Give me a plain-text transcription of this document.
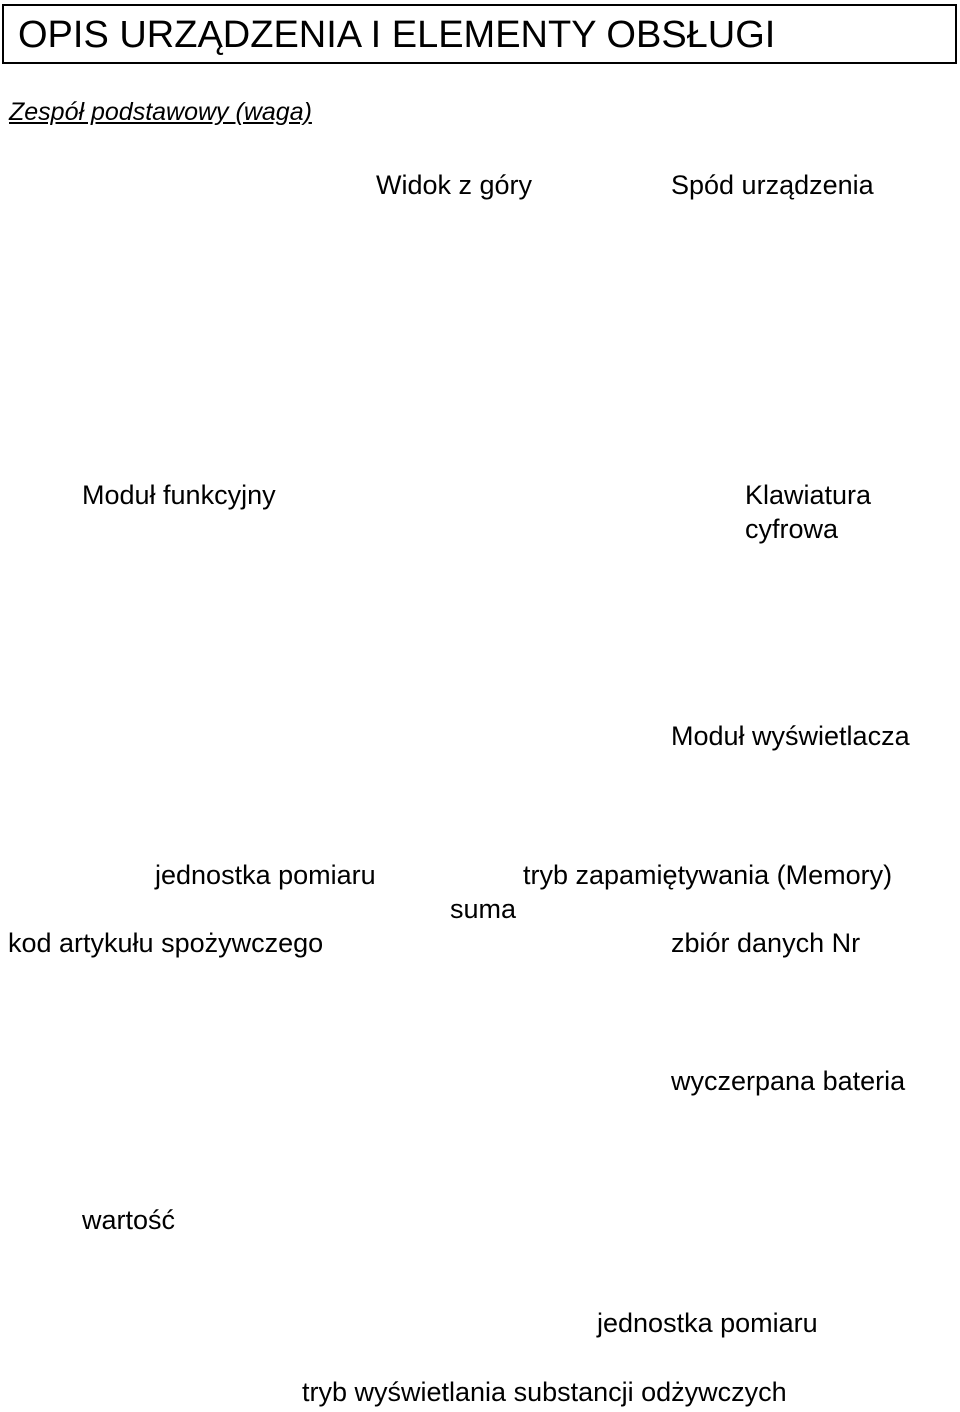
OPIS URZĄDZENIA I ELEMENTY OBSŁUGI
Zespół podstawowy (waga)
Widok z góry	Spód urządzenia
Moduł funkcyjny	Klawiatura
cyfrowa
Moduł wyświetlacza
jednostka pomiaru	tryb zapamiętywania (Memory)
suma
kod artykułu spożywczego	zbiór danych Nr
wyczerpana bateria
wartość
jednostka pomiaru
tryb wyświetlania substancji odżywczych
